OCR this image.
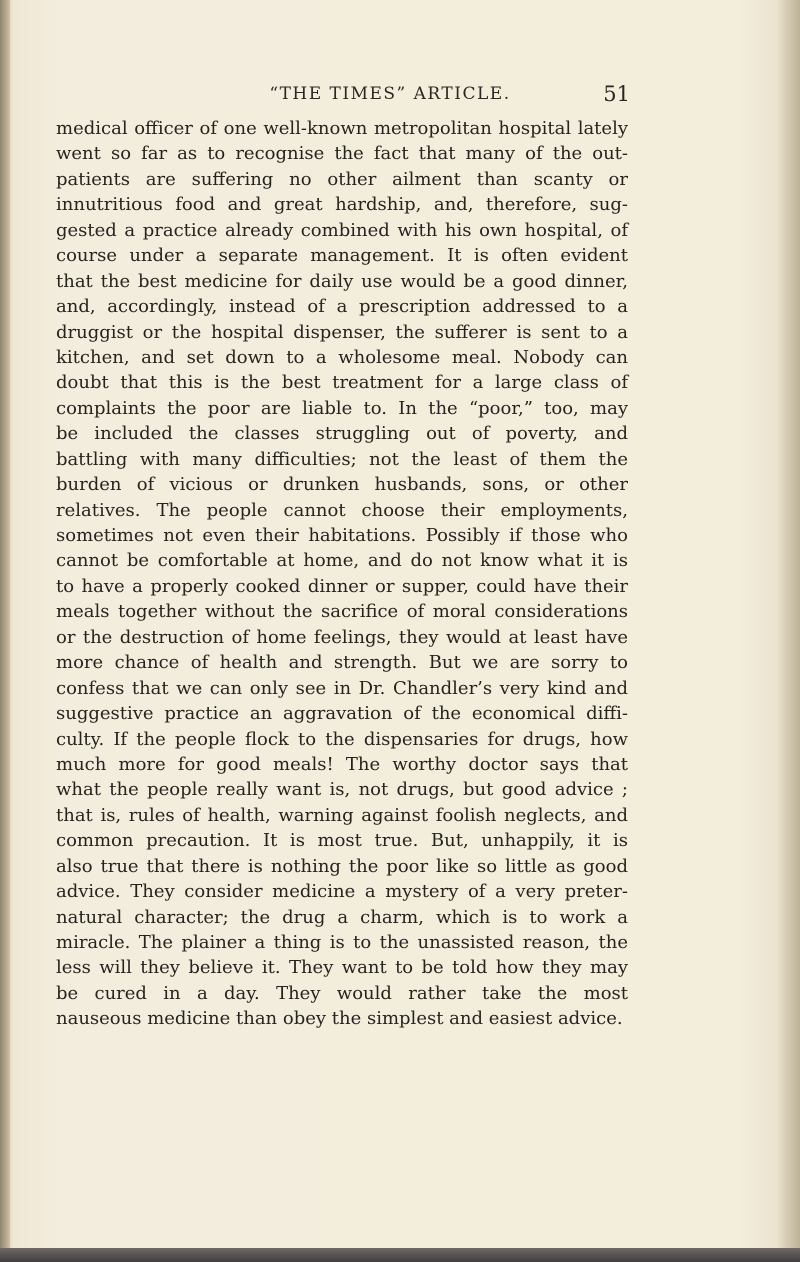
“THE TIMES” ARTICLE.	51
medical officer of one well-known metropolitan hospital lately
went so far as to recognise the fact that many of the out-
patients are suffering no other ailment than scanty or
innutritious food and great hardship, and, therefore, sug-
gested a practice already combined with his own hospital, of
course under a separate management. It is often evident
that the best medicine for daily use would be a good dinner,
and, accordingly, instead of a prescription addressed to a
druggist or the hospital dispenser, the sufferer is sent to a
kitchen, and set down to a wholesome meal. Nobody can
doubt that this is the best treatment for a large class of
complaints the poor are liable to. In the “poor,” too, may
be included the classes struggling out of poverty, and
battling with many difficulties; not the least of them the
burden of vicious or drunken husbands, sons, or other
relatives. The people cannot choose their employments,
sometimes not even their habitations. Possibly if those who
cannot be comfortable at home, and do not know what it is
to have a properly cooked dinner or supper, could have their
meals together without the sacrifice of moral considerations
or the destruction of home feelings, they would at least have
more chance of health and strength. But we are sorry to
confess that we can only see in Dr. Chandler’s very kind and
suggestive practice an aggravation of the economical diffi-
culty. If the people flock to the dispensaries for drugs, how
much more for good meals! The worthy doctor says that
what the people really want is, not drugs, but good advice ;
that is, rules of health, warning against foolish neglects, and
common precaution. It is most true. But, unhappily, it is
also true that there is nothing the poor like so little as good
advice. They consider medicine a mystery of a very preter-
natural character; the drug a charm, which is to work a
miracle. The plainer a thing is to the unassisted reason, the
less will they believe it. They want to be told how they may
be cured in a day. They would rather take the most
nauseous medicine than obey the simplest and easiest advice.
